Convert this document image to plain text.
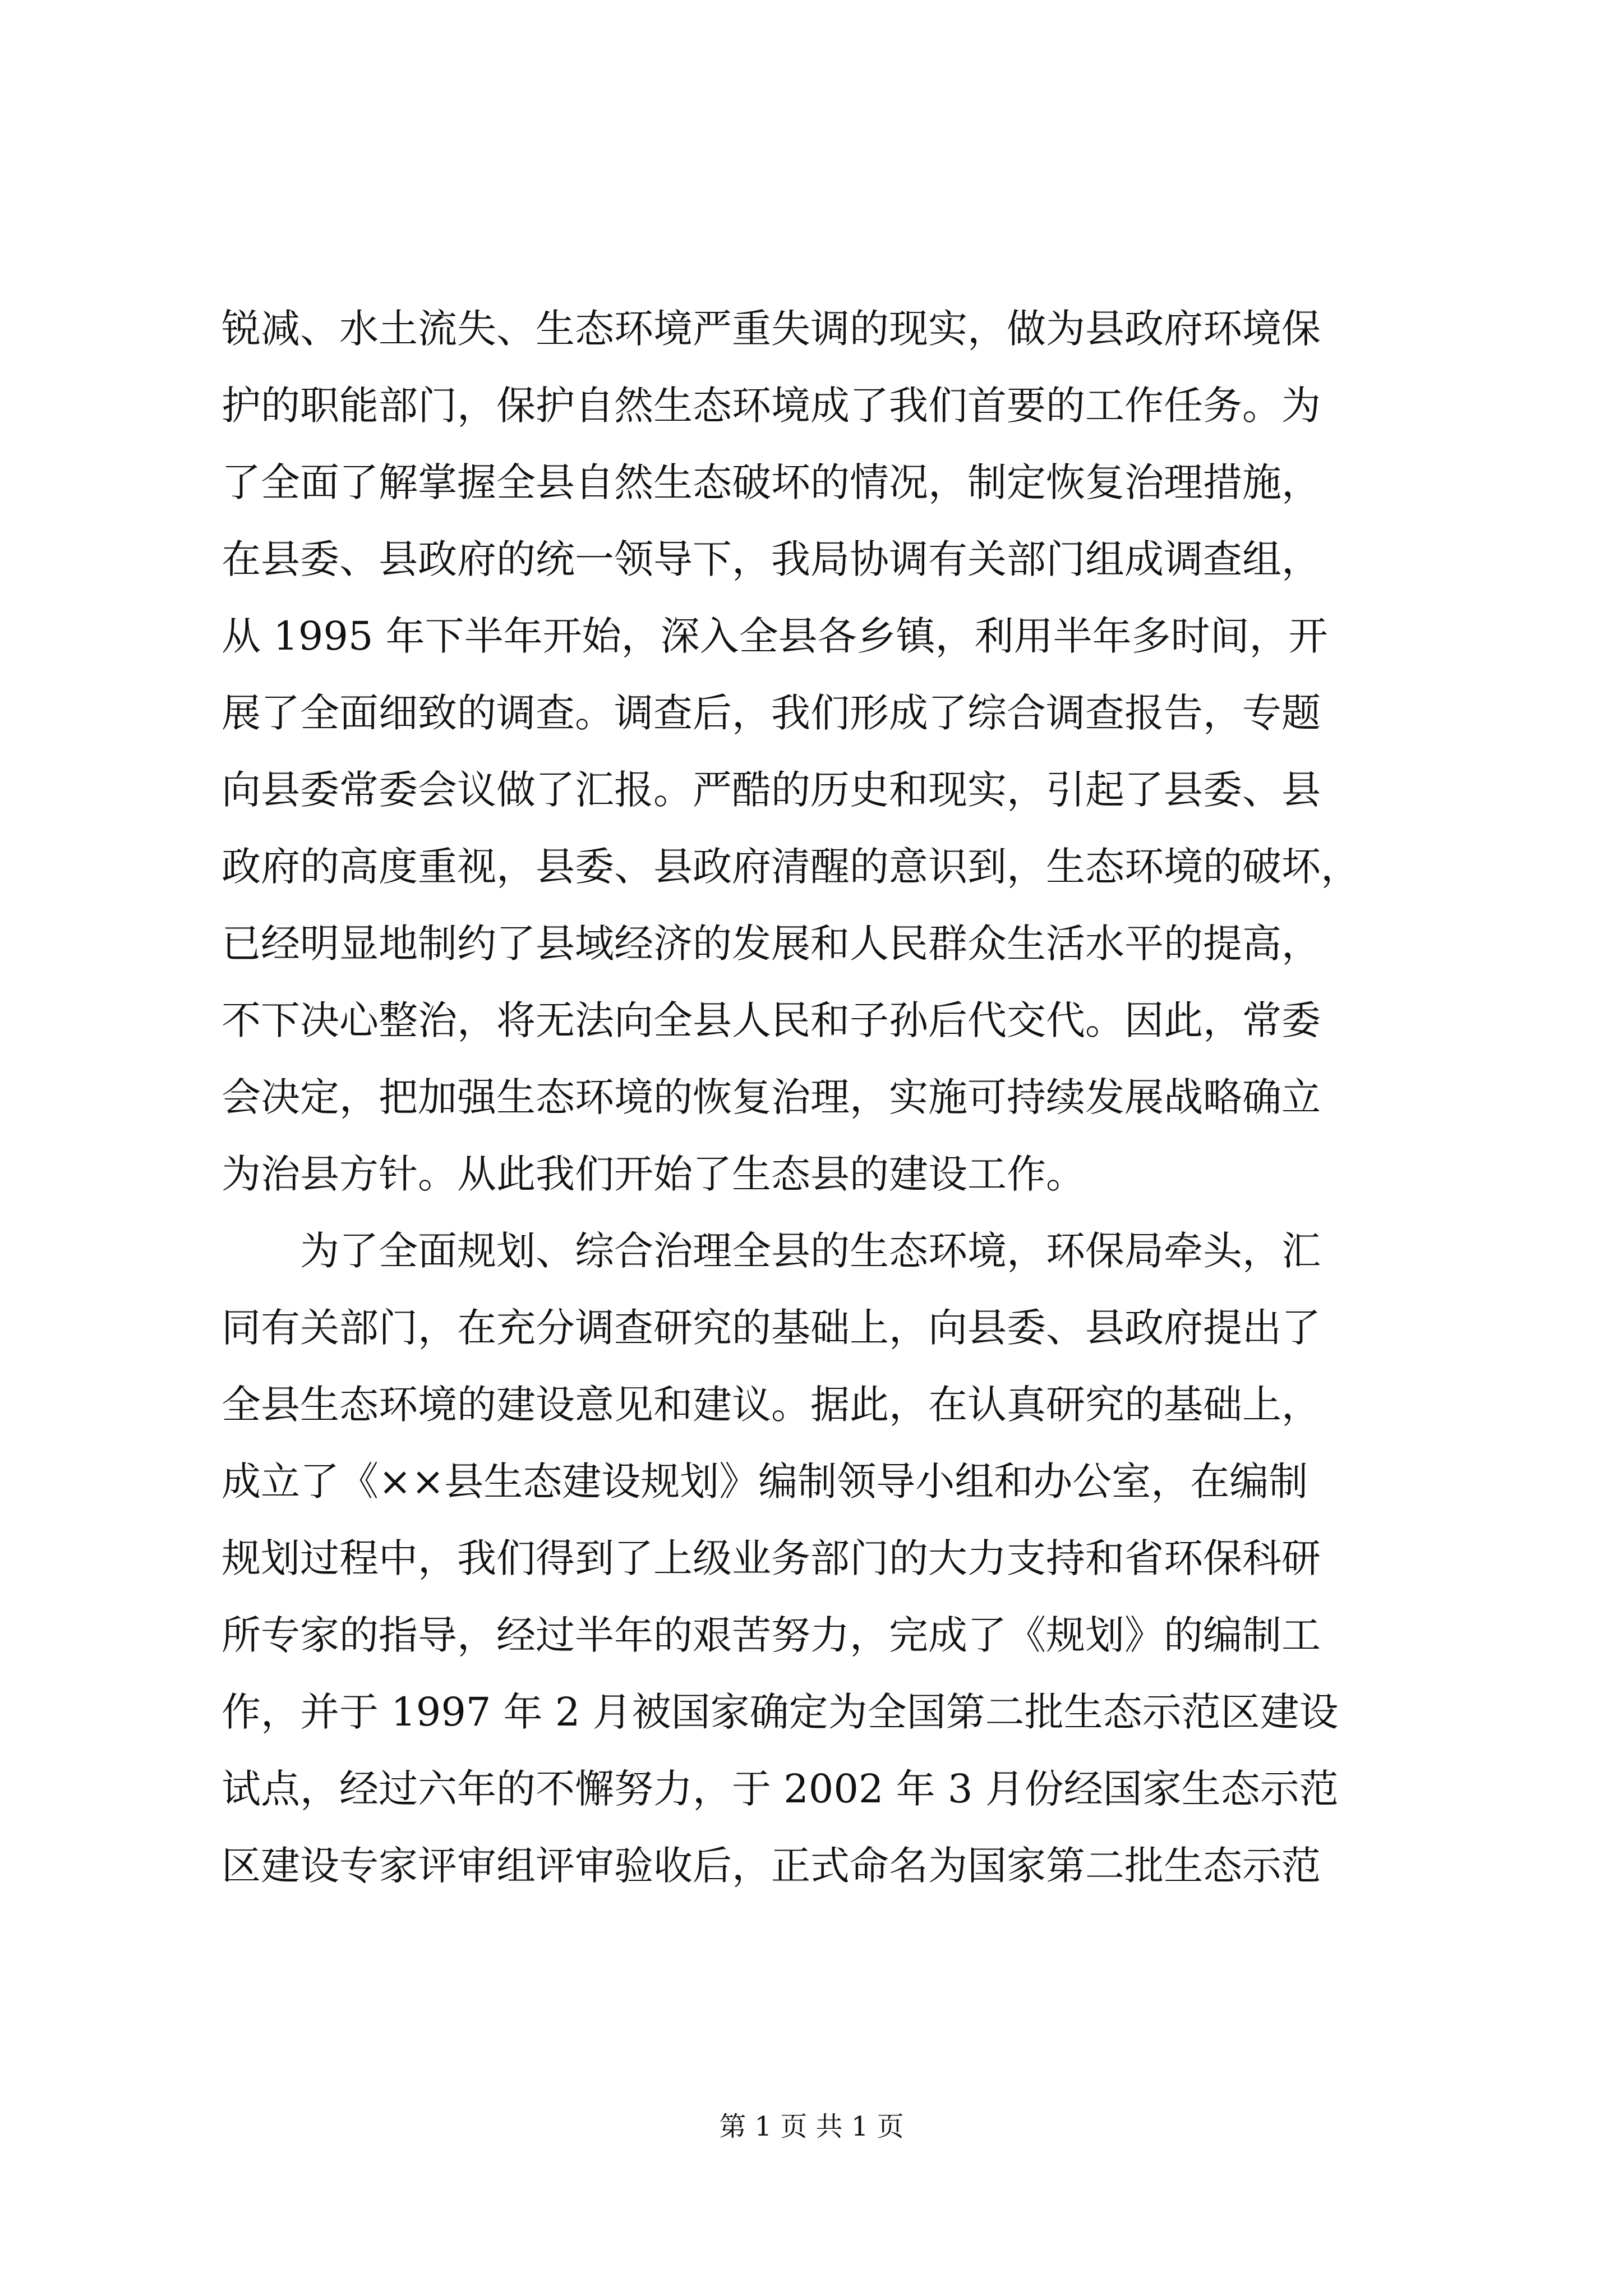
锐减、水土流失、生态环境严重失调的现实，做为县政府环境保
护的职能部门，保护自然生态环境成了我们首要的工作任务。为
了全面了解掌握全县自然生态破坏的情况，制定恢复治理措施，
在县委、县政府的统一领导下，我局协调有关部门组成调查组，
从 1995 年下半年开始，深入全县各乡镇，利用半年多时间，开
展了全面细致的调查。调查后，我们形成了综合调查报告，专题
向县委常委会议做了汇报。严酷的历史和现实，引起了县委、县
政府的高度重视，县委、县政府清醒的意识到，生态环境的破坏，
已经明显地制约了县域经济的发展和人民群众生活水平的提高，
不下决心整治，将无法向全县人民和子孙后代交代。因此，常委
会决定，把加强生态环境的恢复治理，实施可持续发展战略确立
为治县方针。从此我们开始了生态县的建设工作。
为了全面规划、综合治理全县的生态环境，环保局牵头，汇
同有关部门，在充分调查研究的基础上，向县委、县政府提出了
全县生态环境的建设意见和建议。据此，在认真研究的基础上，
成立了《××县生态建设规划》编制领导小组和办公室，在编制
规划过程中，我们得到了上级业务部门的大力支持和省环保科研
所专家的指导，经过半年的艰苦努力，完成了《规划》的编制工
作，并于 1997 年 2 月被国家确定为全国第二批生态示范区建设
试点，经过六年的不懈努力，于 2002 年 3 月份经国家生态示范
区建设专家评审组评审验收后，正式命名为国家第二批生态示范
第 1 页 共 1 页
